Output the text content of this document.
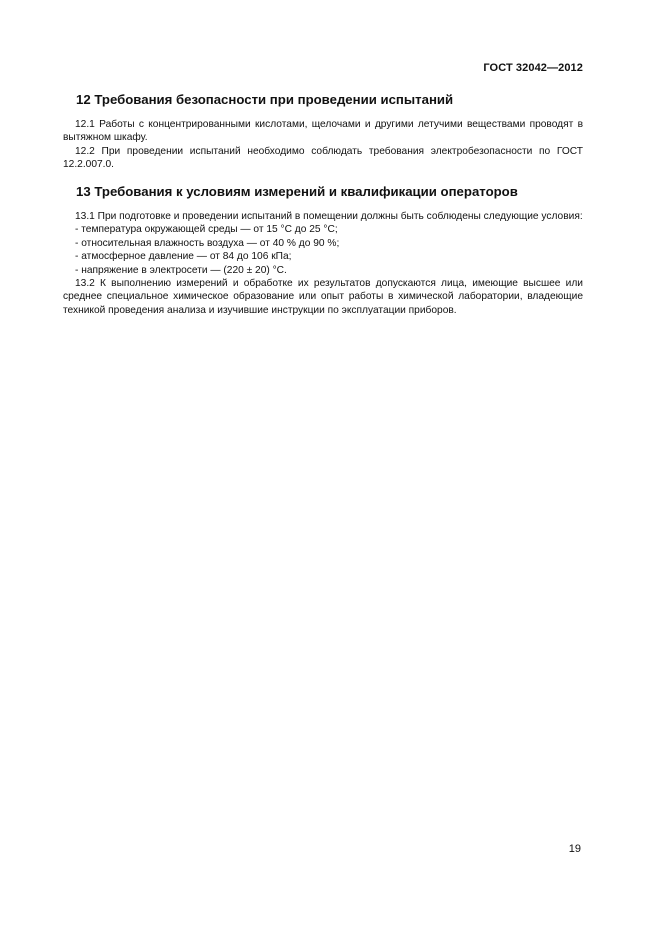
ГОСТ 32042—2012
12 Требования безопасности при проведении испытаний

12.1 Работы с концентрированными кислотами, щелочами и другими летучими веществами проводят в вытяжном шкафу.

12.2 При проведении испытаний необходимо соблюдать требования электробезопасности по ГОСТ 12.2.007.0.

13 Требования к условиям измерений и квалификации операторов

13.1 При подготовке и проведении испытаний в помещении должны быть соблюдены следующие условия:

- температура окружающей среды — от 15 °С до 25 °С;

- относительная влажность воздуха — от 40 % до 90 %;

- атмосферное давление — от 84 до 106 кПа;

- напряжение в электросети — (220 ± 20) °С.

13.2 К выполнению измерений и обработке их результатов допускаются лица, имеющие высшее или среднее специальное химическое образование или опыт работы в химической лаборатории, владеющие техникой проведения анализа и изучившие инструкции по эксплуатации приборов.

19
